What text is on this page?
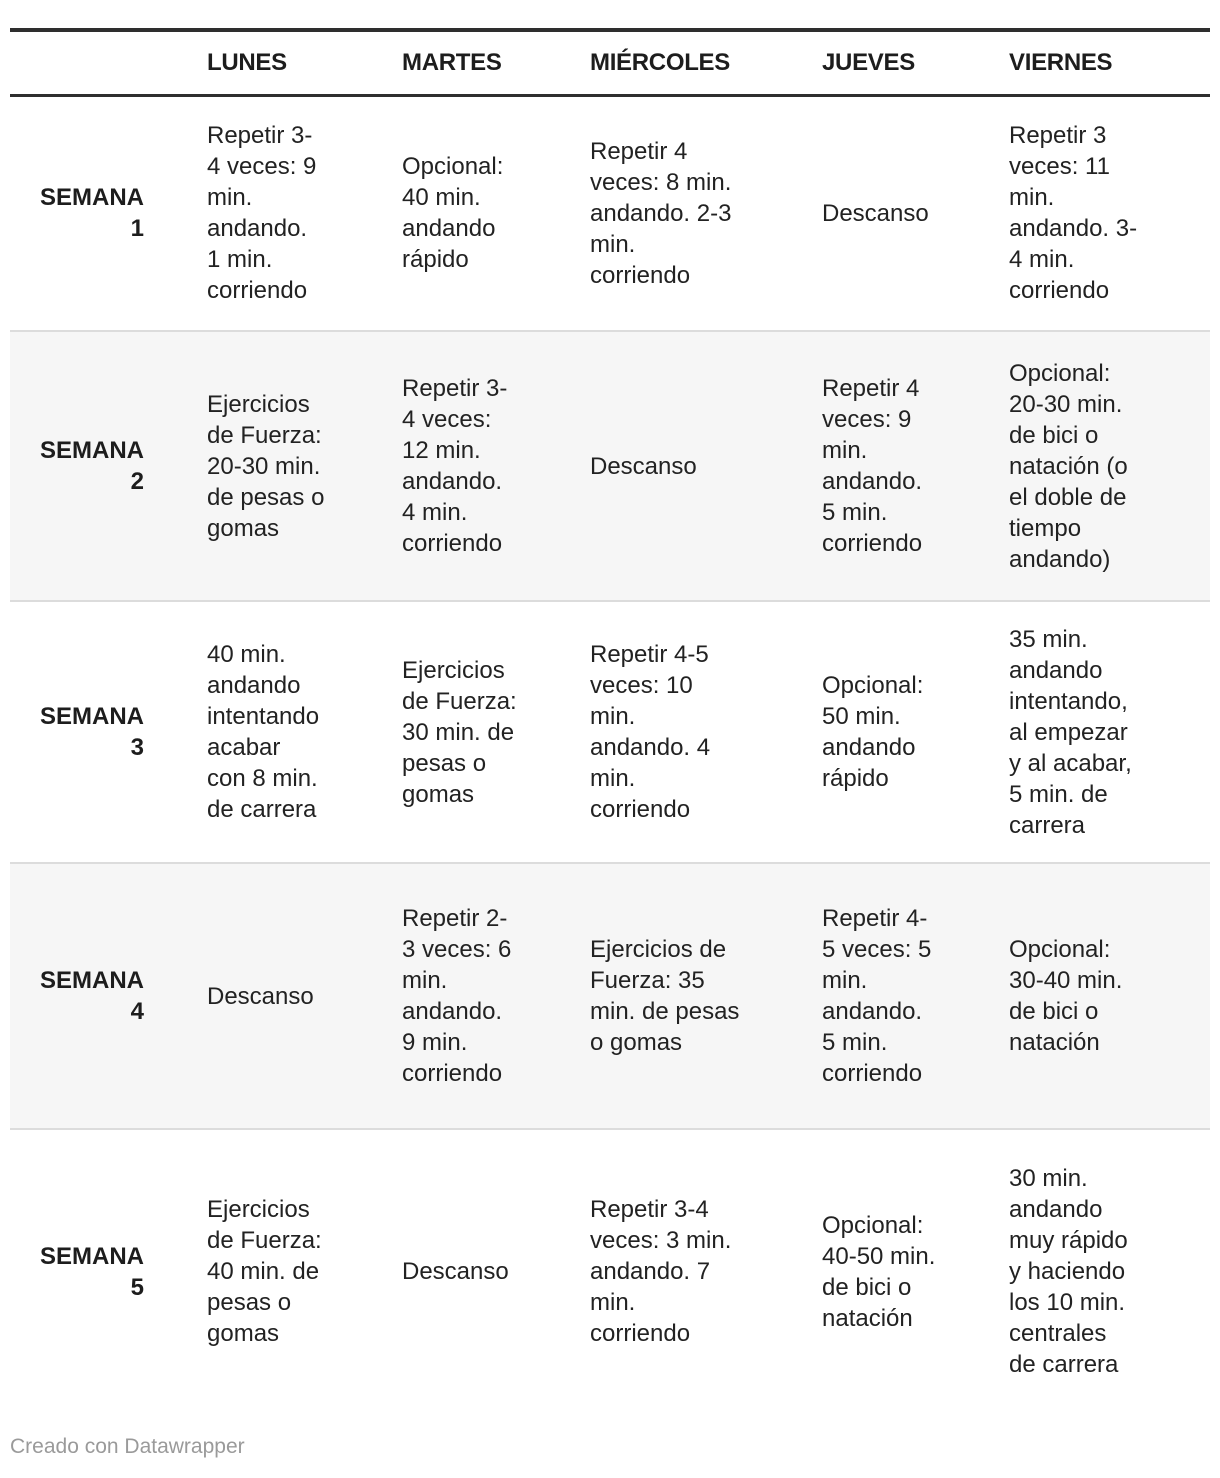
	LUNES	MARTES	MIÉRCOLES	JUEVES	VIERNES

SEMANA 1	Repetir 3-4 veces: 9 min. andando. 1 min. corriendo	Opcional: 40 min. andando rápido	Repetir 4 veces: 8 min. andando. 2-3 min. corriendo	Descanso	Repetir 3 veces: 11 min. andando. 3-4 min. corriendo

SEMANA 2	Ejercicios de Fuerza: 20-30 min. de pesas o gomas	Repetir 3-4 veces: 12 min. andando. 4 min. corriendo	Descanso	Repetir 4 veces: 9 min. andando. 5 min. corriendo	Opcional: 20-30 min. de bici o natación (o el doble de tiempo andando)

SEMANA 3	40 min. andando intentando acabar con 8 min. de carrera	Ejercicios de Fuerza: 30 min. de pesas o gomas	Repetir 4-5 veces: 10 min. andando. 4 min. corriendo	Opcional: 50 min. andando rápido	35 min. andando intentando, al empezar y al acabar, 5 min. de carrera

SEMANA 4	Descanso	Repetir 2-3 veces: 6 min. andando. 9 min. corriendo	Ejercicios de Fuerza: 35 min. de pesas o gomas	Repetir 4-5 veces: 5 min. andando. 5 min. corriendo	Opcional: 30-40 min. de bici o natación

SEMANA 5	Ejercicios de Fuerza: 40 min. de pesas o gomas	Descanso	Repetir 3-4 veces: 3 min. andando. 7 min. corriendo	Opcional: 40-50 min. de bici o natación	30 min. andando muy rápido y haciendo los 10 min. centrales de carrera
Creado con Datawrapper
